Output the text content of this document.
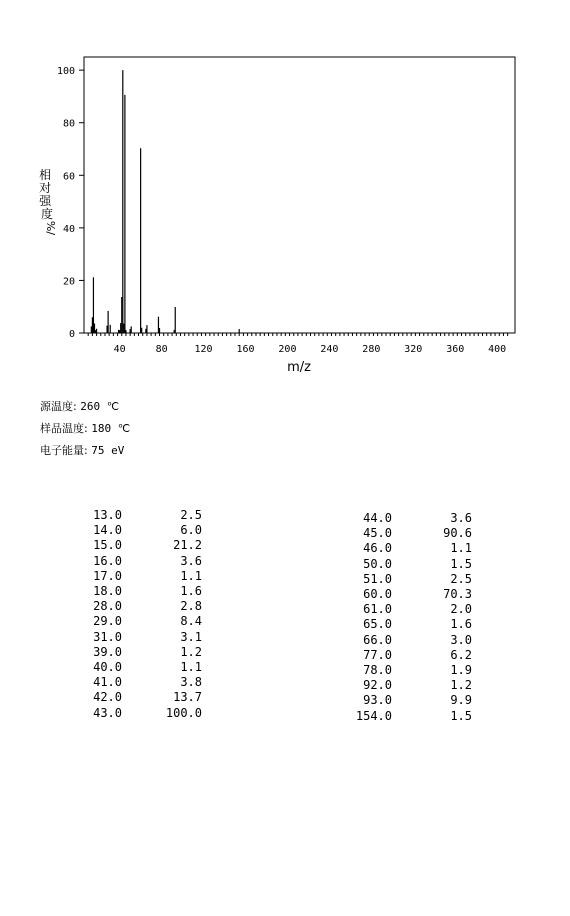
0
20
40
60
80
100
40	80	120 160 200 240 280 320 360 400
m/z
相 对 强 度
%/
源温度: 260 ℃
样品温度: 180 ℃
电子能量: 75 eV
13.0	2.5
14.0	6.0
15.0	21.2
16.0	3.6
17.0	1.1
18.0	1.6
28.0	2.8
29.0	8.4
31.0	3.1
39.0	1.2
40.0	1.1
41.0	3.8
42.0	13.7
43.0	100.0
44.0	3.6
45.0	90.6
46.0	1.1
50.0	1.5
51.0	2.5
60.0	70.3
61.0	2.0
65.0	1.6
66.0	3.0
77.0	6.2
78.0	1.9
92.0	1.2
93.0	9.9
154.0	1.5
